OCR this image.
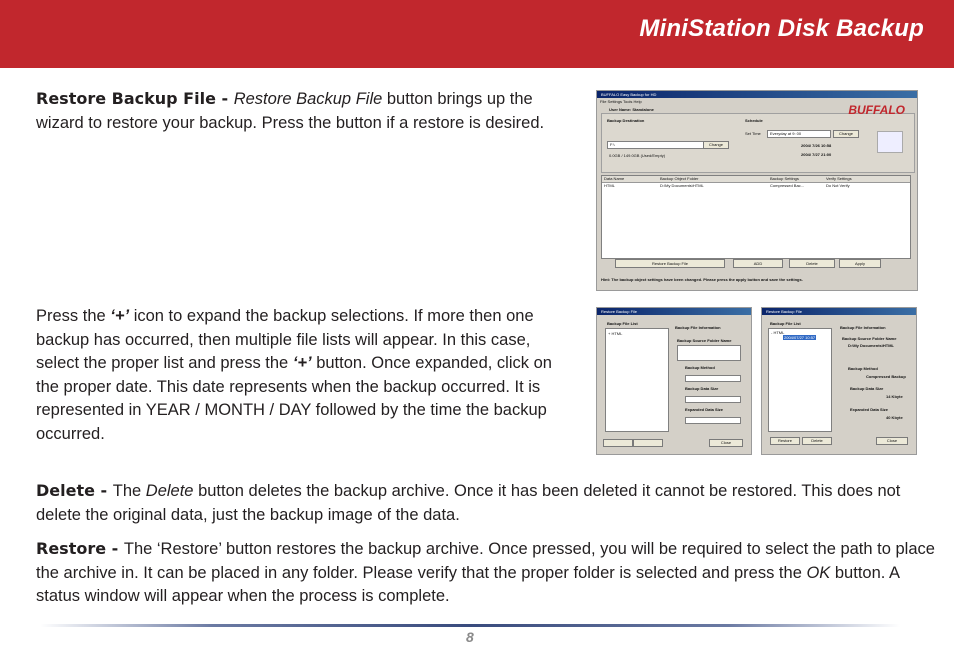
MiniStation Disk Backup
Restore Backup File - Restore Backup File button brings up the wizard to restore your backup. Press the button if a restore is desired.
BUFFALO Easy Backup for HD
File Settings Tools Help
User Name: Standalone
Backup Destination
F:\	Change
0.0GB / 149.0GB (Used/Empty)
Schedule
Set Time Everyday at 9: 00	Change
2004/ 7/26 10:58
2004/ 7/27 21:00
BUFFALO
Data Name	Backup Object Folder	Backup Settings	Verify Settings
HTML	D:\My Documents\HTML	Compressed Bac...	Do Not Verify
Restore Backup File	ADD	Delete	Apply
Hint: The backup object settings have been changed. Please press the apply button and save the settings.
Press the ‘+’ icon to expand the backup selections. If more then one backup has occurred, then multiple file lists will appear. In this case, select the proper list and press the ‘+’ button. Once expanded, click on the proper date. This date represents when the backup occurred. It is represented in YEAR / MONTH / DAY followed by the time the backup occurred.
Restore Backup File
Backup File List
+ HTML
Backup File Information
Backup Source Folder Name
Backup Method
Backup Data Size
Expanded Data Size
Close
Restore Backup File
Backup File List
- HTML
2004/07/27 10:57
Backup File Information
Backup Source Folder Name
D:\My Documents\HTML
Backup Method
Compressed Backup
Backup Data Size
14 Kbyte
Expanded Data Size
40 Kbyte
Restore	Delete	Close
Delete - The Delete button deletes the backup archive. Once it has been deleted it cannot be restored. This does not delete the original data, just the backup image of the data.
Restore - The ‘Restore’ button restores the backup archive. Once pressed, you will be required to select the path to place the archive in. It can be placed in any folder. Please verify that the proper folder is selected and press the OK button. A status window will appear when the process is complete.
8
